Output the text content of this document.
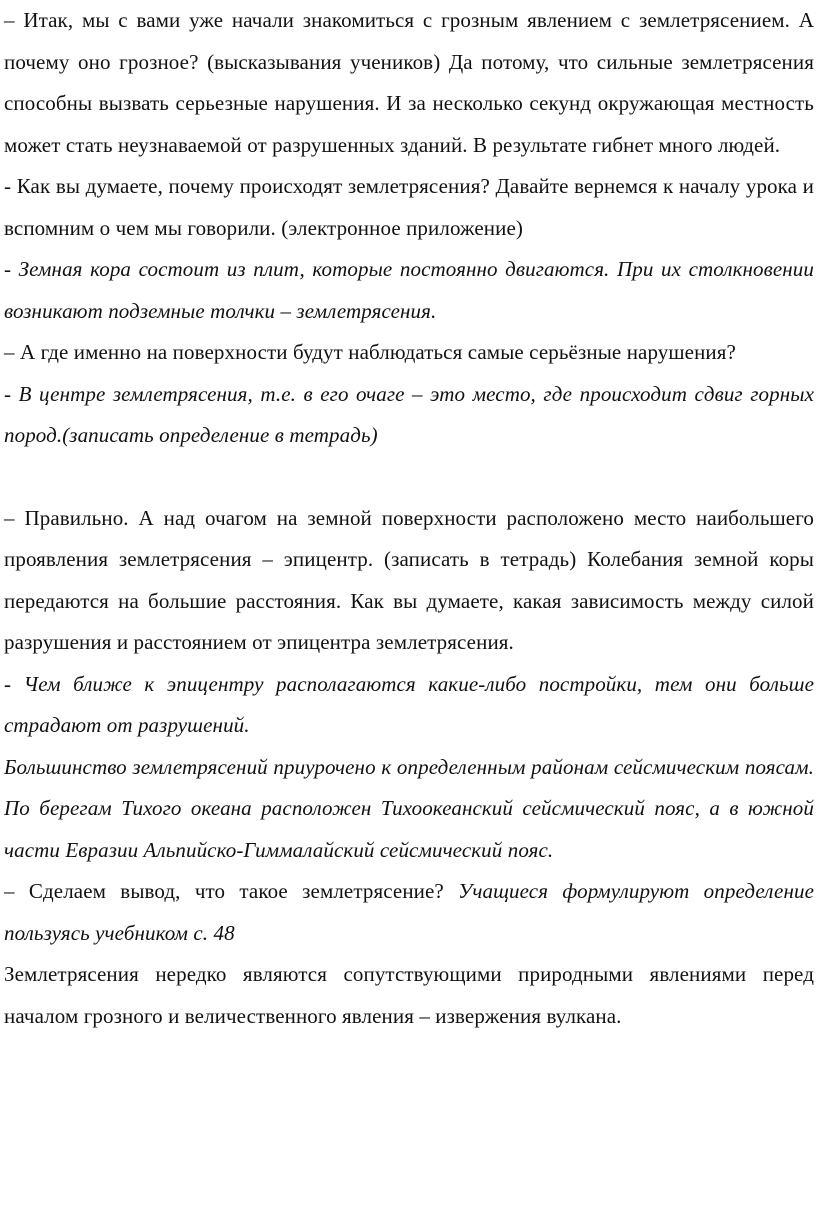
– Итак, мы с вами уже начали знакомиться с грозным явлением с землетрясением. А почему оно грозное? (высказывания учеников) Да потому, что сильные землетрясения способны вызвать серьезные нарушения. И за несколько секунд окружающая местность может стать неузнаваемой от разрушенных зданий. В результате гибнет много людей.

- Как вы думаете, почему происходят землетрясения? Давайте вернемся к началу урока и вспомним о чем мы говорили. (электронное приложение)

- Земная кора состоит из плит, которые постоянно двигаются. При их столкновении возникают подземные толчки – землетрясения.

– А где именно на поверхности будут наблюдаться самые серьёзные нарушения?

- В центре землетрясения, т.е. в его очаге – это место, где происходит сдвиг горных пород.(записать определение в тетрадь)

– Правильно. А над очагом на земной поверхности расположено место наибольшего проявления землетрясения – эпицентр. (записать в тетрадь) Колебания земной коры передаются на большие расстояния. Как вы думаете, какая зависимость между силой разрушения и расстоянием от эпицентра землетрясения.

- Чем ближе к эпицентру располагаются какие-либо постройки, тем они больше страдают от разрушений.

Большинство землетрясений приурочено к определенным районам сейсмическим поясам. По берегам Тихого океана расположен Тихоокеанский сейсмический пояс, а в южной части Евразии Альпийско-Гиммалайский сейсмический пояс.

– Сделаем вывод, что такое землетрясение? Учащиеся формулируют определение пользуясь учебником с. 48

Землетрясения нередко являются сопутствующими природными явлениями перед началом грозного и величественного явления – извержения вулкана.
